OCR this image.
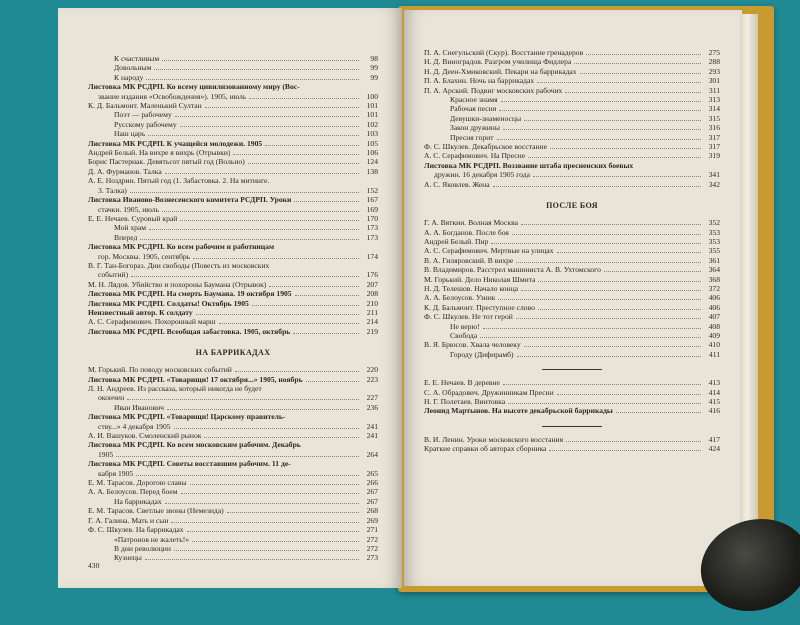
К счастливым	98
Довольным	99
К народу	99
Листовка МК РСДРП. Ко всему цивилизованному миру (Вос-
звание издания «Освобождения»). 1905, июль	100
К. Д. Бальмонт. Маленький Султан	101
Поэт — рабочему	101
Русскому рабочему	102
Наш царь	103
Листовка МК РСДРП. К учащейся молодежи. 1905	105
Андрей Белый. На вихре я вихрь (Отрывки)	106
Борис Пастернак. Девятьсот пятый год (Вольно)	124
Д. А. Фурманов. Талка	138
А. Е. Ноздрин. Пятый год (1. Забастовка. 2. На митинге.
3. Талка)	152
Листовка Иваново-Вознесенского комитета РСДРП. Уроки	167
стачки. 1905, июль	169
Е. Е. Нечаев. Суровый край	170
Мой храм	173
Вперед	173
Листовка МК РСДРП. Ко всем рабочим и работницам
гор. Москвы. 1905, сентябрь	174
В. Г. Тан-Богораз. Дни свободы (Повесть из московских
событий)	176
М. Н. Лядов. Убийство и похороны Баумана (Отрывок)	207
Листовка МК РСДРП. На смерть Баумана. 19 октября 1905	208
Листовка МК РСДРП. Солдаты! Октябрь 1905	210
Неизвестный автор. К солдату	211
А. С. Серафимович. Похоронный марш	214
Листовка МК РСДРП. Всеобщая забастовка. 1905, октябрь	219
НА БАРРИКАДАХ
М. Горький. По поводу московских событий	220
Листовка МК РСДРП. «Товарищи! 17 октября...» 1905, ноябрь	223
Л. Н. Андреев. Из рассказа, который никогда не будет
окончен	227
Иван Иванович	236
Листовка МК РСДРП. «Товарищи! Царскому правитель-
ству...» 4 декабря 1905	241
А. И. Вашуков. Смоленский рынок	241
Листовка МК РСДРП. Ко всем московским рабочим. Декабрь
1905	264
Листовка МК РСДРП. Советы восставшим рабочим. 11 де-
кабря 1905	265
Е. М. Тарасов. Дорогою славы	266
А. А. Белоусов. Перед боем	267
На баррикадах	267
Е. М. Тарасов. Светлые звоны (Немезида)	268
Г. А. Галина. Мать и сын	269
Ф. С. Шкулев. На баррикадах	271
«Патронов не жалеть!»	272
В дни революции	272
Кузнецы	273
430
П. А. Снегульский (Скур). Восстание гренадеров	275
Н. Д. Виноградов. Разгром училища Фидлера	288
Н. Д. Деен-Хмиковский. Пекари на баррикадах	293
П. А. Блахин. Ночь на баррикадах	301
П. А. Арский. Подвиг московских рабочих	311
Красное знамя	313
Рабочая песня	314
Девушки-знаменосцы	315
Закон дружины	316
Пресня горит	317
Ф. С. Шкулев. Декабрьское восстание	317
А. С. Серафимович. На Пресне	319
Листовка МК РСДРП. Воззвание штаба пресненских боевых
дружин. 16 декабря 1905 года	341
А. С. Яковлев. Жена	342
ПОСЛЕ БОЯ
Г. А. Вяткин. Волная Москва	352
А. А. Богданов. После боя	353
Андрей Белый. Пир	353
А. С. Серафимович. Мертвые на улицах	355
В. А. Гиляровский. В вихре	361
В. Владимиров. Расстрел машиниста А. В. Ухтомского	364
М. Горький. Дело Николая Шмита	368
Н. Д. Телешов. Начало конца	372
А. А. Белоусов. Узник	406
К. Д. Бальмонт. Преступное слово	406
Ф. С. Шкулев. Не тот герой	407
Не верю!	408
Свобода	409
В. Я. Брюсов. Хвала человеку	410
Городу (Дифирамб)	411
Е. Е. Нечаев. В деревне	413
С. А. Обрадович. Дружинникам Пресни	414
Н. Г. Полетаев. Винтовка	415
Леонид Мартынов. На высоте декабрьской баррикады	416
В. И. Ленин. Уроки московского восстания	417
Краткие справки об авторах сборника	424
